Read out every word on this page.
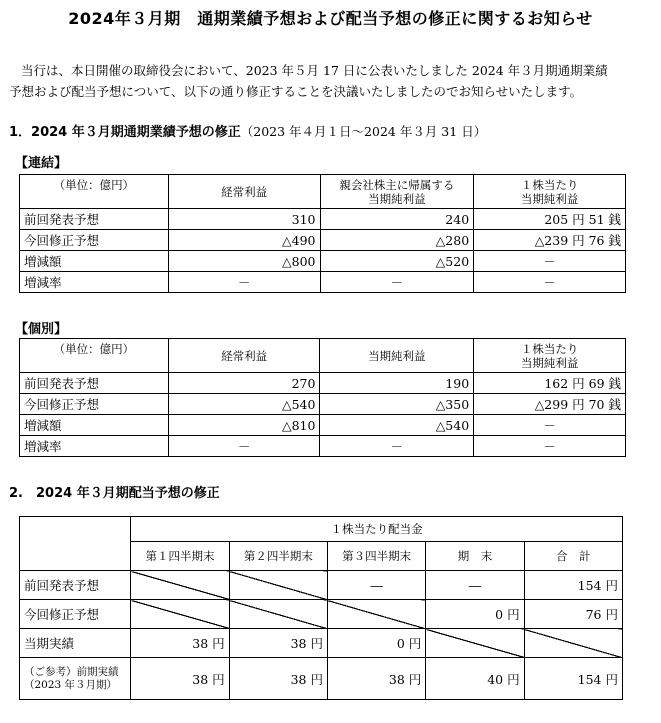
2024年３月期　通期業績予想および配当予想の修正に関するお知らせ

当行は、本日開催の取締役会において、2023 年５月 17 日に公表いたしました 2024 年３月期通期業績

予想および配当予想について、以下の通り修正することを決議いたしましたのでお知らせいたします。

1．2024 年３月期通期業績予想の修正（2023 年４月１日～2024 年３月 31 日）
【連結】
（単位：億円）	経常利益	親会社株主に帰属する
当期純利益	１株当たり
当期純利益
前回発表予想	310	240	205 円 51 銭
今回修正予想	△490	△280	△239 円 76 銭
増減額	△800	△520	－
増減率	－	－	－
【個別】
（単位：億円）	経常利益	当期純利益	１株当たり
当期純利益
前回発表予想	270	190	162 円 69 銭
今回修正予想	△540	△350	△299 円 70 銭
増減額	△810	△540	－
増減率	－	－	－
2.　2024 年３月期配当予想の修正
	１株当たり配当金				
	第１四半期末	第２四半期末	第３四半期末	期　末	合　計
前回発表予想			―	―	154 円
今回修正予想				0 円	76 円
当期実績	38 円	38 円	0 円		

（ご参考）前期実績
（2023 年３月期）	38 円	38 円	38 円	40 円	154 円
